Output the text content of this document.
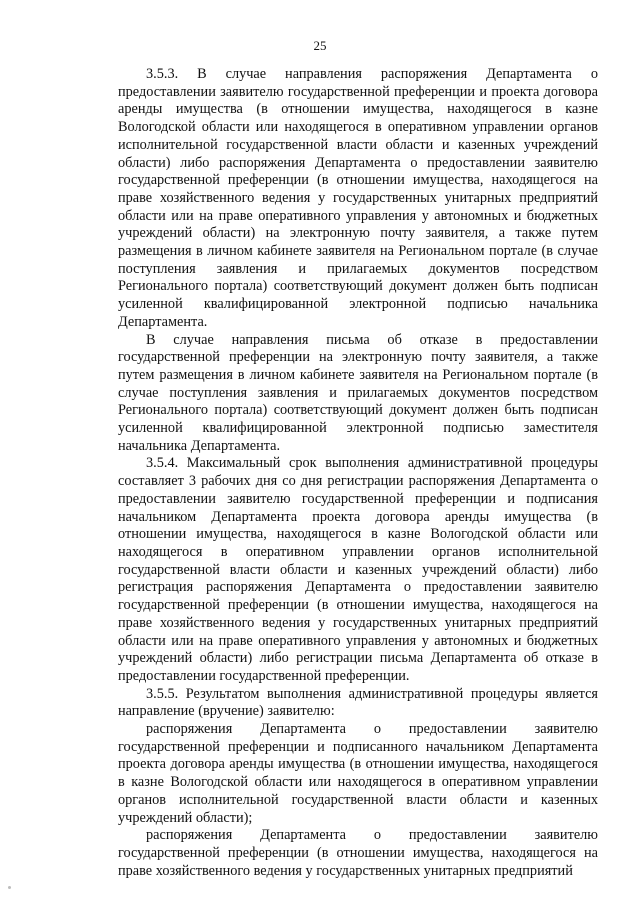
25

3.5.3. В случае направления распоряжения Департамента о предоставлении заявителю государственной преференции и проекта договора аренды имущества (в отношении имущества, находящегося в казне Вологодской области или находящегося в оперативном управлении органов исполнительной государственной власти области и казенных учреждений области) либо распоряжения Департамента о предоставлении заявителю государственной преференции (в отношении имущества, находящегося на праве хозяйственного ведения у государственных унитарных предприятий области или на праве оперативного управления у автономных и бюджетных учреждений области) на электронную почту заявителя, а также путем размещения в личном кабинете заявителя на Региональном портале (в случае поступления заявления и прилагаемых документов посредством Регионального портала) соответствующий документ должен быть подписан усиленной квалифицированной электронной подписью начальника Департамента.

В случае направления письма об отказе в предоставлении государственной преференции на электронную почту заявителя, а также путем размещения в личном кабинете заявителя на Региональном портале (в случае поступления заявления и прилагаемых документов посредством Регионального портала) соответствующий документ должен быть подписан усиленной квалифицированной электронной подписью заместителя начальника Департамента.

3.5.4. Максимальный срок выполнения административной процедуры составляет 3 рабочих дня со дня регистрации распоряжения Департамента о предоставлении заявителю государственной преференции и подписания начальником Департамента проекта договора аренды имущества (в отношении имущества, находящегося в казне Вологодской области или находящегося в оперативном управлении органов исполнительной государственной власти области и казенных учреждений области) либо регистрация распоряжения Департамента о предоставлении заявителю государственной преференции (в отношении имущества, находящегося на праве хозяйственного ведения у государственных унитарных предприятий области или на праве оперативного управления у автономных и бюджетных учреждений области) либо регистрации письма Департамента об отказе в предоставлении государственной преференции.

3.5.5. Результатом выполнения административной процедуры является направление (вручение) заявителю:

распоряжения Департамента о предоставлении заявителю государственной преференции и подписанного начальником Департамента проекта договора аренды имущества (в отношении имущества, находящегося в казне Вологодской области или находящегося в оперативном управлении органов исполнительной государственной власти области и казенных учреждений области);

распоряжения Департамента о предоставлении заявителю государственной преференции (в отношении имущества, находящегося на праве хозяйственного ведения у государственных унитарных предприятий
